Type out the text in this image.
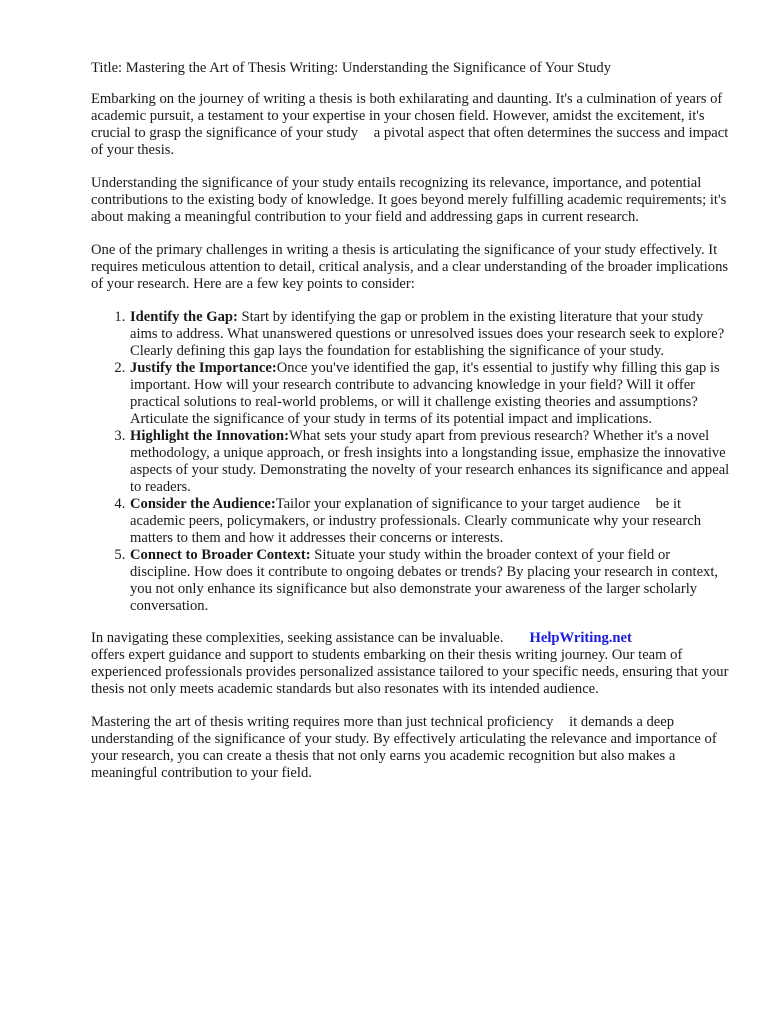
Title: Mastering the Art of Thesis Writing: Understanding the Significance of Your Study

Embarking on the journey of writing a thesis is both exhilarating and daunting. It's a culmination of years of academic pursuit, a testament to your expertise in your chosen field. However, amidst the excitement, it's crucial to grasp the significance of your study a pivotal aspect that often determines the success and impact of your thesis.

Understanding the significance of your study entails recognizing its relevance, importance, and potential contributions to the existing body of knowledge. It goes beyond merely fulfilling academic requirements; it's about making a meaningful contribution to your field and addressing gaps in current research.

One of the primary challenges in writing a thesis is articulating the significance of your study effectively. It requires meticulous attention to detail, critical analysis, and a clear understanding of the broader implications of your research. Here are a few key points to consider:

1. Identify the Gap: Start by identifying the gap or problem in the existing literature that your study aims to address. What unanswered questions or unresolved issues does your research seek to explore? Clearly defining this gap lays the foundation for establishing the significance of your study.
2. Justify the Importance:Once you've identified the gap, it's essential to justify why filling this gap is important. How will your research contribute to advancing knowledge in your field? Will it offer practical solutions to real-world problems, or will it challenge existing theories and assumptions? Articulate the significance of your study in terms of its potential impact and implications.
3. Highlight the Innovation:What sets your study apart from previous research? Whether it's a novel methodology, a unique approach, or fresh insights into a longstanding issue, emphasize the innovative aspects of your study. Demonstrating the novelty of your research enhances its significance and appeal to readers.
4. Consider the Audience:Tailor your explanation of significance to your target audience be it academic peers, policymakers, or industry professionals. Clearly communicate why your research matters to them and how it addresses their concerns or interests.
5. Connect to Broader Context: Situate your study within the broader context of your field or discipline. How does it contribute to ongoing debates or trends? By placing your research in context, you not only enhance its significance but also demonstrate your awareness of the larger scholarly conversation.

In navigating these complexities, seeking assistance can be invaluable. HelpWriting.net
offers expert guidance and support to students embarking on their thesis writing journey. Our team of experienced professionals provides personalized assistance tailored to your specific needs, ensuring that your thesis not only meets academic standards but also resonates with its intended audience.

Mastering the art of thesis writing requires more than just technical proficiency it demands a deep understanding of the significance of your study. By effectively articulating the relevance and importance of your research, you can create a thesis that not only earns you academic recognition but also makes a meaningful contribution to your field.
